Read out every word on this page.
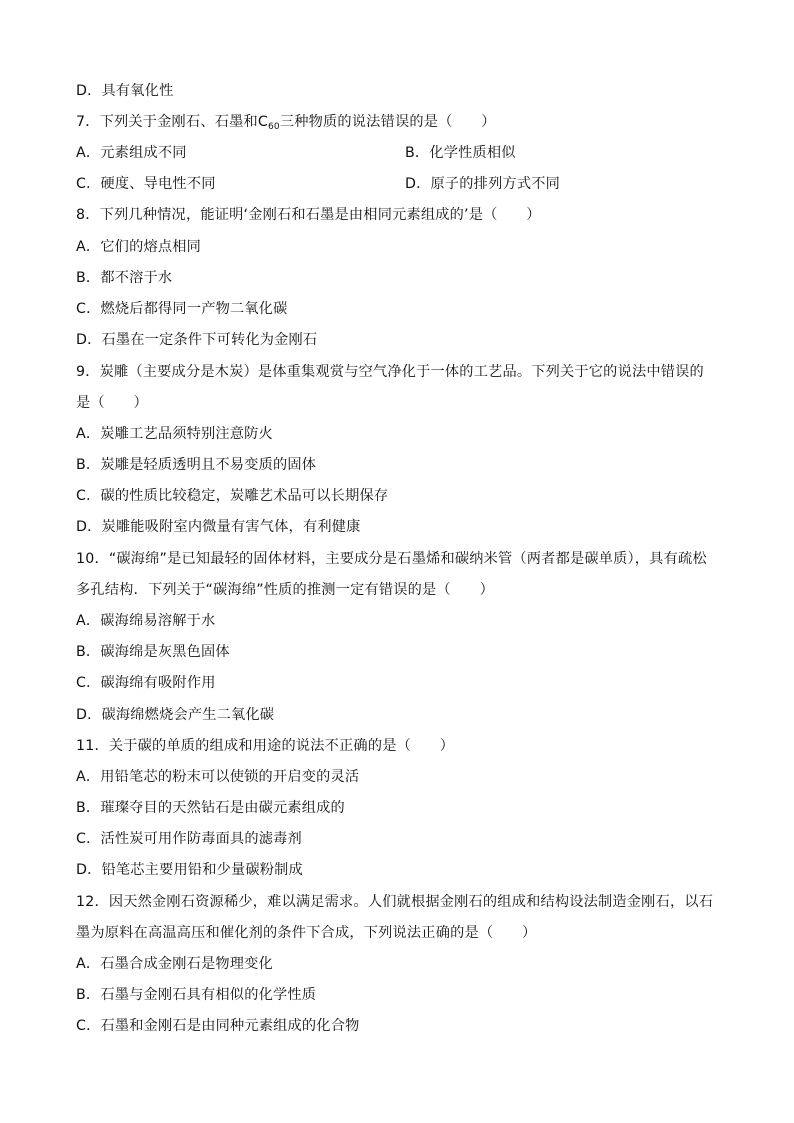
D．具有氧化性
7．下列关于金刚石、石墨和$C_{60}$三种物质的说法错误的是（　　）
A．元素组成不同	B．化学性质相似
C．硬度、导电性不同	D．原子的排列方式不同
8．下列几种情况，能证明‘金刚石和石墨是由相同元素组成的’是（　　）
A．它们的熔点相同
B．都不溶于水
C．燃烧后都得同一产物二氧化碳
D．石墨在一定条件下可转化为金刚石
9．炭雕（主要成分是木炭）是体重集观赏与空气净化于一体的工艺品。下列关于它的说法中错误的
是（　　）
A．炭雕工艺品须特别注意防火
B．炭雕是轻质透明且不易变质的固体
C．碳的性质比较稳定，炭雕艺术品可以长期保存
D．炭雕能吸附室内微量有害气体，有利健康
10．“碳海绵”是已知最轻的固体材料，主要成分是石墨烯和碳纳米管（两者都是碳单质），具有疏松
多孔结构．下列关于“碳海绵”性质的推测一定有错误的是（　　）
A．碳海绵易溶解于水
B．碳海绵是灰黑色固体
C．碳海绵有吸附作用
D．碳海绵燃烧会产生二氧化碳
11．关于碳的单质的组成和用途的说法不正确的是（　　）
A．用铅笔芯的粉末可以使锁的开启变的灵活
B．璀璨夺目的天然钻石是由碳元素组成的
C．活性炭可用作防毒面具的滤毒剂
D．铅笔芯主要用铅和少量碳粉制成
12．因天然金刚石资源稀少，难以满足需求。人们就根据金刚石的组成和结构设法制造金刚石，以石
墨为原料在高温高压和催化剂的条件下合成，下列说法正确的是（　　）
A．石墨合成金刚石是物理变化
B．石墨与金刚石具有相似的化学性质
C．石墨和金刚石是由同种元素组成的化合物
